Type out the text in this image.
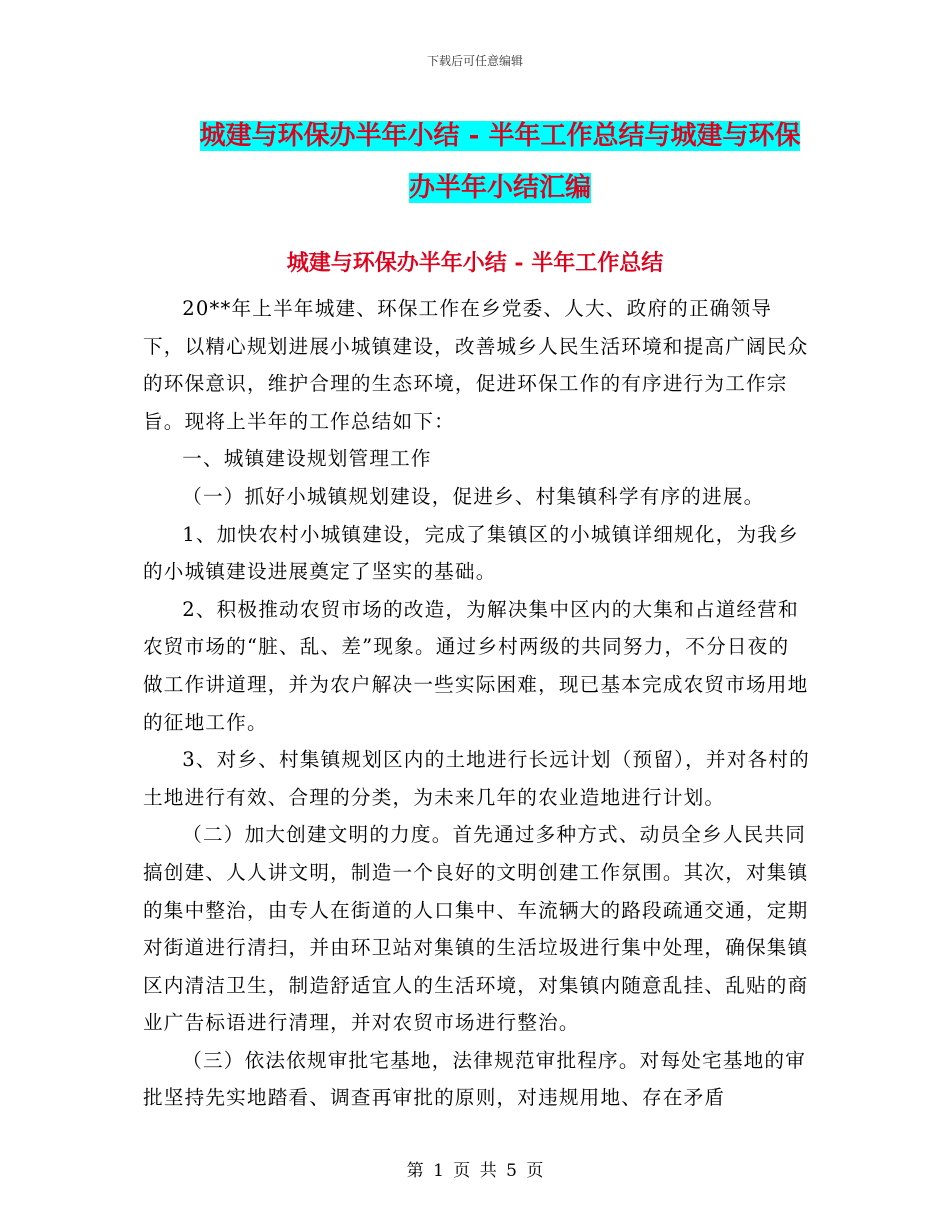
下载后可任意编辑
城建与环保办半年小结 - 半年工作总结与城建与环保
办半年小结汇编
城建与环保办半年小结 - 半年工作总结

20**年上半年城建、环保工作在乡党委、人大、政府的正确领导下，以精心规划进展小城镇建设，改善城乡人民生活环境和提高广阔民众的环保意识，维护合理的生态环境，促进环保工作的有序进行为工作宗旨。现将上半年的工作总结如下：

一、城镇建设规划管理工作

（一）抓好小城镇规划建设，促进乡、村集镇科学有序的进展。

1、加快农村小城镇建设，完成了集镇区的小城镇详细规化，为我乡的小城镇建设进展奠定了坚实的基础。

2、积极推动农贸市场的改造，为解决集中区内的大集和占道经营和农贸市场的“脏、乱、差”现象。通过乡村两级的共同努力，不分日夜的做工作讲道理，并为农户解决一些实际困难，现已基本完成农贸市场用地的征地工作。

3、对乡、村集镇规划区内的土地进行长远计划（预留），并对各村的土地进行有效、合理的分类，为未来几年的农业造地进行计划。

（二）加大创建文明的力度。首先通过多种方式、动员全乡人民共同搞创建、人人讲文明，制造一个良好的文明创建工作氛围。其次，对集镇的集中整治，由专人在街道的人口集中、车流辆大的路段疏通交通，定期对街道进行清扫，并由环卫站对集镇的生活垃圾进行集中处理，确保集镇区内清洁卫生，制造舒适宜人的生活环境，对集镇内随意乱挂、乱贴的商业广告标语进行清理，并对农贸市场进行整治。

（三）依法依规审批宅基地，法律规范审批程序。对每处宅基地的审批坚持先实地踏看、调查再审批的原则，对违规用地、存在矛盾

第 1 页 共 5 页
